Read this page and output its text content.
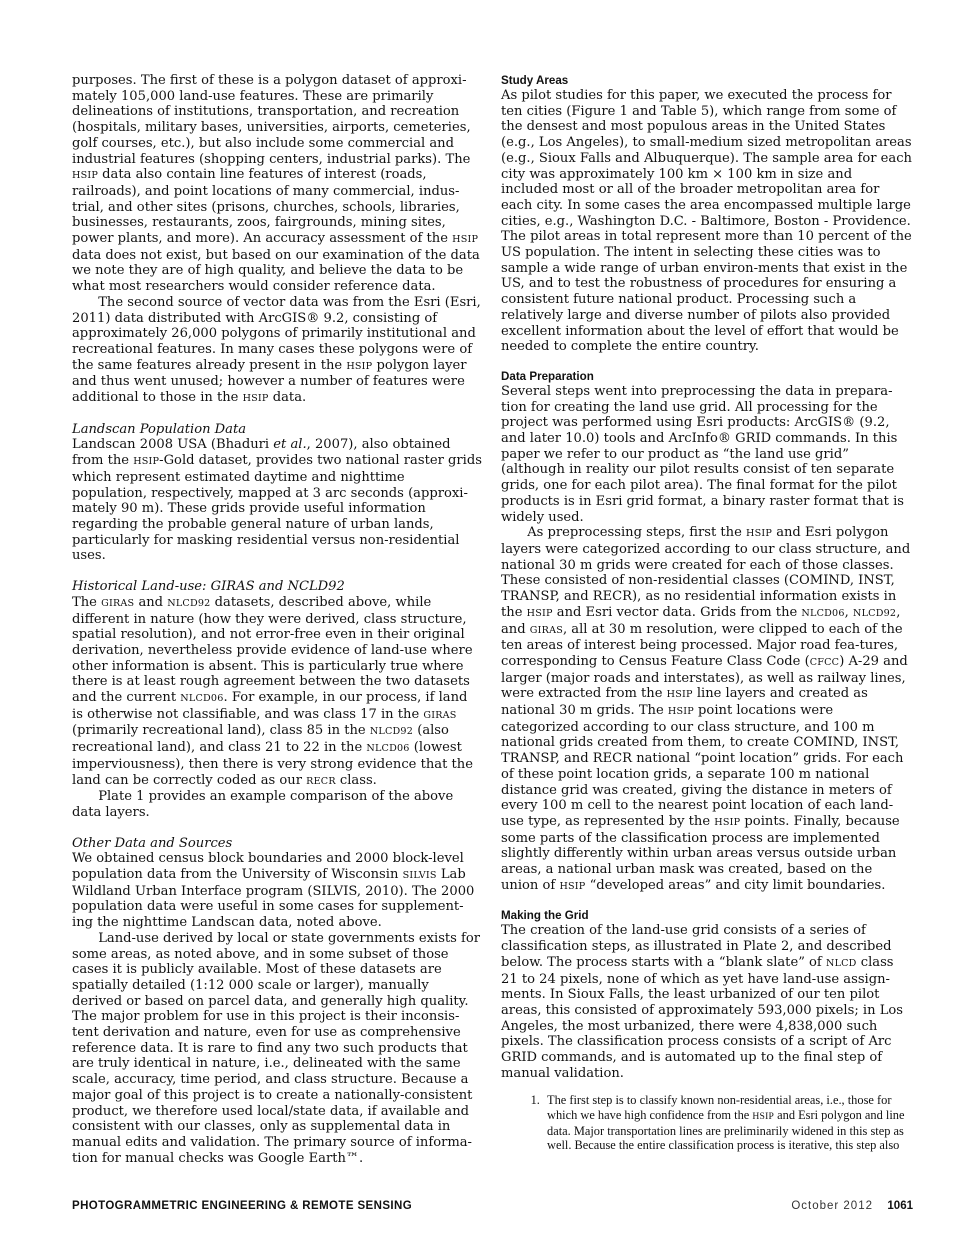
purposes. The first of these is a polygon dataset of approxi-mately 105,000 land-use features. These are primarily delineations of institutions, transportation, and recreation (hospitals, military bases, universities, airports, cemeteries, golf courses, etc.), but also include some commercial and industrial features (shopping centers, industrial parks). The HSIP data also contain line features of interest (roads, railroads), and point locations of many commercial, indus-trial, and other sites (prisons, churches, schools, libraries, businesses, restaurants, zoos, fairgrounds, mining sites, power plants, and more). An accuracy assessment of the HSIP data does not exist, but based on our examination of the data we note they are of high quality, and believe the data to be what most researchers would consider reference data.

The second source of vector data was from the Esri (Esri, 2011) data distributed with ArcGIS® 9.2, consisting of approximately 26,000 polygons of primarily institutional and recreational features. In many cases these polygons were of the same features already present in the HSIP polygon layer and thus went unused; however a number of features were additional to those in the HSIP data.

Landscan Population Data

Landscan 2008 USA (Bhaduri et al., 2007), also obtained from the HSIP-Gold dataset, provides two national raster grids which represent estimated daytime and nighttime population, respectively, mapped at 3 arc seconds (approxi-mately 90 m). These grids provide useful information regarding the probable general nature of urban lands, particularly for masking residential versus non-residential uses.

Historical Land-use: GIRAS and NCLD92

The GIRAS and NLCD92 datasets, described above, while different in nature (how they were derived, class structure, spatial resolution), and not error-free even in their original derivation, nevertheless provide evidence of land-use where other information is absent. This is particularly true where there is at least rough agreement between the two datasets and the current NLCD06. For example, in our process, if land is otherwise not classifiable, and was class 17 in the GIRAS (primarily recreational land), class 85 in the NLCD92 (also recreational land), and class 21 to 22 in the NLCD06 (lowest imperviousness), then there is very strong evidence that the land can be correctly coded as our RECR class.

Plate 1 provides an example comparison of the above data layers.

Other Data and Sources

We obtained census block boundaries and 2000 block-level population data from the University of Wisconsin SILVIS Lab Wildland Urban Interface program (SILVIS, 2010). The 2000 population data were useful in some cases for supplement-ing the nighttime Landscan data, noted above.

Land-use derived by local or state governments exists for some areas, as noted above, and in some subset of those cases it is publicly available. Most of these datasets are spatially detailed (1:12 000 scale or larger), manually derived or based on parcel data, and generally high quality. The major problem for use in this project is their inconsis-tent derivation and nature, even for use as comprehensive reference data. It is rare to find any two such products that are truly identical in nature, i.e., delineated with the same scale, accuracy, time period, and class structure. Because a major goal of this project is to create a nationally-consistent product, we therefore used local/state data, if available and consistent with our classes, only as supplemental data in manual edits and validation. The primary source of informa-tion for manual checks was Google Earth™.

Study Areas

As pilot studies for this paper, we executed the process for ten cities (Figure 1 and Table 5), which range from some of the densest and most populous areas in the United States (e.g., Los Angeles), to small-medium sized metropolitan areas (e.g., Sioux Falls and Albuquerque). The sample area for each city was approximately 100 km × 100 km in size and included most or all of the broader metropolitan area for each city. In some cases the area encompassed multiple large cities, e.g., Washington D.C. - Baltimore, Boston - Providence. The pilot areas in total represent more than 10 percent of the US population. The intent in selecting these cities was to sample a wide range of urban environ-ments that exist in the US, and to test the robustness of procedures for ensuring a consistent future national product. Processing such a relatively large and diverse number of pilots also provided excellent information about the level of effort that would be needed to complete the entire country.

Data Preparation

Several steps went into preprocessing the data in prepara-tion for creating the land use grid. All processing for the project was performed using Esri products: ArcGIS® (9.2, and later 10.0) tools and ArcInfo® GRID commands. In this paper we refer to our product as “the land use grid” (although in reality our pilot results consist of ten separate grids, one for each pilot area). The final format for the pilot products is in Esri grid format, a binary raster format that is widely used.

As preprocessing steps, first the HSIP and Esri polygon layers were categorized according to our class structure, and national 30 m grids were created for each of those classes. These consisted of non-residential classes (COMIND, INST, TRANSP, and RECR), as no residential information exists in the HSIP and Esri vector data. Grids from the NLCD06, NLCD92, and GIRAS, all at 30 m resolution, were clipped to each of the ten areas of interest being processed. Major road fea-tures, corresponding to Census Feature Class Code (CFCC) A-29 and larger (major roads and interstates), as well as railway lines, were extracted from the HSIP line layers and created as national 30 m grids. The HSIP point locations were categorized according to our class structure, and 100 m national grids created from them, to create COMIND, INST, TRANSP, and RECR national “point location” grids. For each of these point location grids, a separate 100 m national distance grid was created, giving the distance in meters of every 100 m cell to the nearest point location of each land-use type, as represented by the HSIP points. Finally, because some parts of the classification process are implemented slightly differently within urban areas versus outside urban areas, a national urban mask was created, based on the union of HSIP “developed areas” and city limit boundaries.

Making the Grid

The creation of the land-use grid consists of a series of classification steps, as illustrated in Plate 2, and described below. The process starts with a “blank slate” of NLCD class 21 to 24 pixels, none of which as yet have land-use assign-ments. In Sioux Falls, the least urbanized of our ten pilot areas, this consisted of approximately 593,000 pixels; in Los Angeles, the most urbanized, there were 4,838,000 such pixels. The classification process consists of a script of Arc GRID commands, and is automated up to the final step of manual validation.

1. The first step is to classify known non-residential areas, i.e., those for which we have high confidence from the HSIP and Esri polygon and line data. Major transportation lines are preliminarily widened in this step as well. Because the entire classification process is iterative, this step also
PHOTOGRAMMETRIC ENGINEERING & REMOTE SENSING	October 2012 1061
